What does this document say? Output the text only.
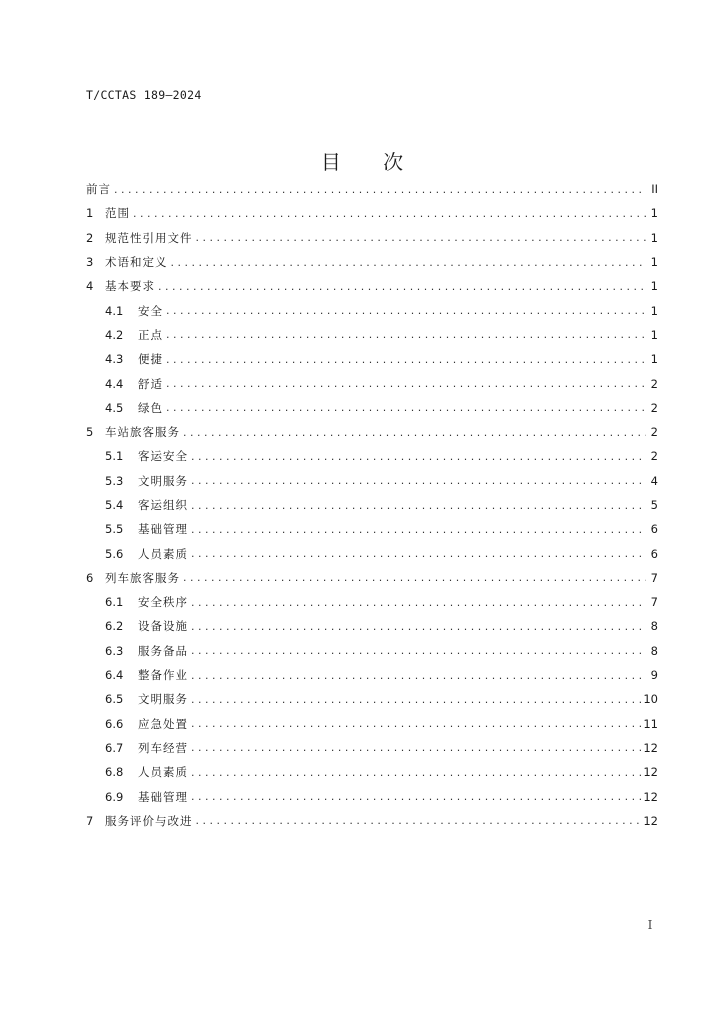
T/CCTAS 189—2024
目 次
前言 . . .	II
1	范围 . . .	1
2	规范性引用文件 . . .	1
3	术语和定义 . . .	1
4	基本要求 . . .	1
4.1	安全 . . .	1
4.2	正点 . . .	1
4.3	便捷 . . .	1
4.4	舒适 . . .	2
4.5	绿色 . . .	2
5	车站旅客服务 . . .	2
5.1	客运安全 . . .	2
5.3	文明服务 . . .	4
5.4	客运组织 . . .	5
5.5	基础管理 . . .	6
5.6	人员素质 . . .	6
6	列车旅客服务 . . .	7
6.1	安全秩序 . . .	7
6.2	设备设施 . . .	8
6.3	服务备品 . . .	8
6.4	整备作业 . . .	9
6.5	文明服务 . . .	10
6.6	应急处置 . . .	11
6.7	列车经营 . . .	12
6.8	人员素质 . . .	12
6.9	基础管理 . . .	12
7	服务评价与改进 . . .	12
I
